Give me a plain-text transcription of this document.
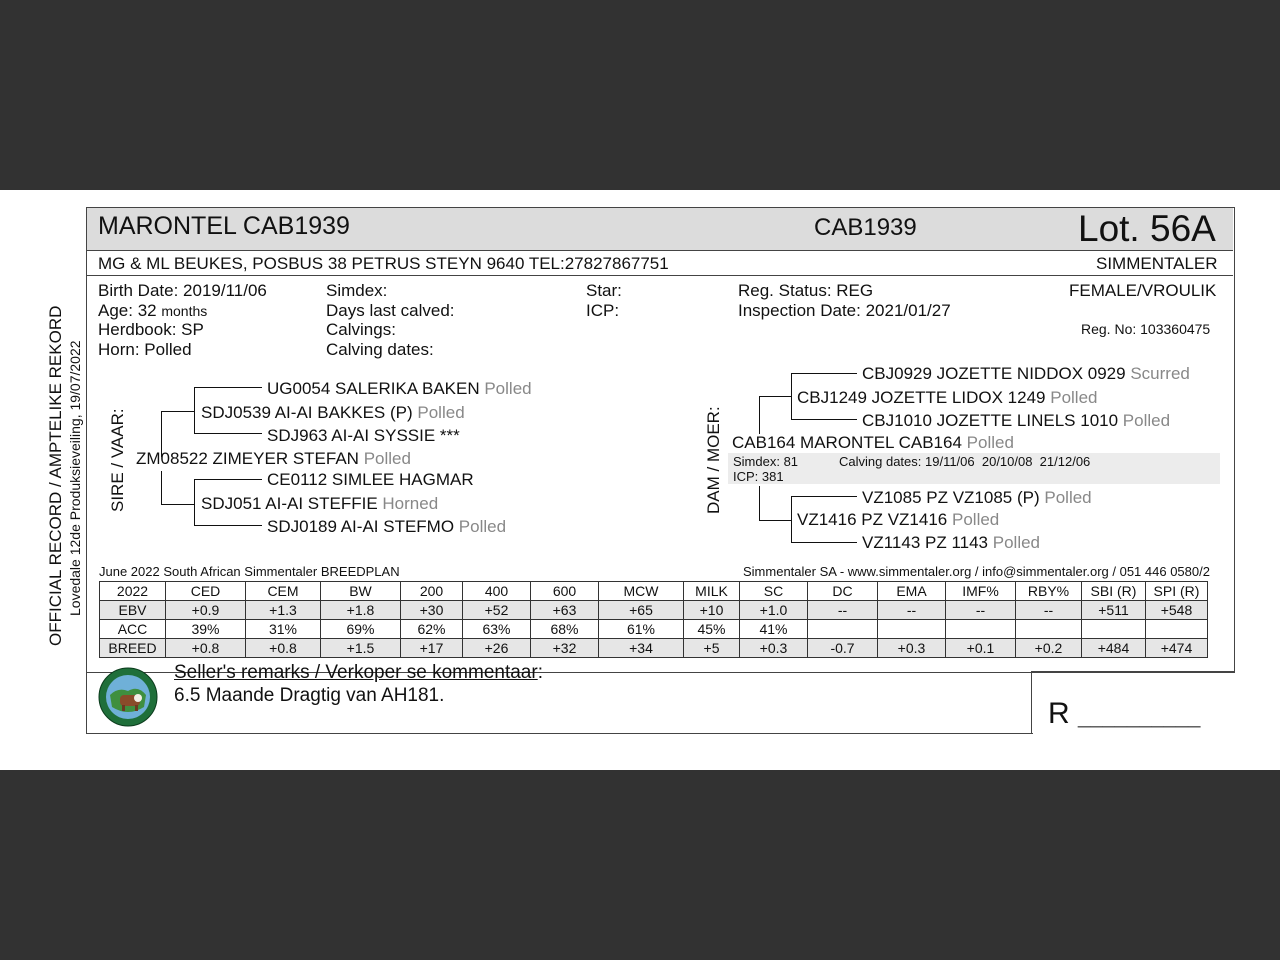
MARONTEL CAB1939	CAB1939	Lot. 56A
MG & ML BEUKES, POSBUS 38 PETRUS STEYN 9640 TEL:27827867751	SIMMENTALER
OFFICIAL RECORD / AMPTELIKE REKORD Lovedale 12de Produksieveiling, 19/07/2022
Birth Date: 2019/11/06
Age: 32 months
Herdbook: SP
Horn: Polled
Simdex:
Days last calved:
Calvings:
Calving dates:
Star:
ICP:
Reg. Status: REG
Inspection Date: 2021/01/27
FEMALE/VROULIK
Reg. No: 103360475
SIRE / VAAR:
UG0054 SALERIKA BAKEN Polled
SDJ0539 AI-AI BAKKES (P) Polled
SDJ963 AI-AI SYSSIE ***
ZM08522 ZIMEYER STEFAN Polled
CE0112 SIMLEE HAGMAR
SDJ051 AI-AI STEFFIE Horned
SDJ0189 AI-AI STEFMO Polled
DAM / MOER:
CBJ0929 JOZETTE NIDDOX 0929 Scurred
CBJ1249 JOZETTE LIDOX 1249 Polled
CBJ1010 JOZETTE LINELS 1010 Polled
CAB164 MARONTEL CAB164 Polled
Simdex: 81
ICP: 381
Calving dates: 19/11/06  20/10/08  21/12/06
VZ1085 PZ VZ1085 (P) Polled
VZ1416 PZ VZ1416 Polled
VZ1143 PZ 1143 Polled
June 2022 South African Simmentaler BREEDPLAN	Simmentaler SA - www.simmentaler.org / info@simmentaler.org / 051 446 0580/2
2022	CED	CEM	BW	200	400	600	MCW	MILK	SC	DC	EMA	IMF%	RBY%	SBI (R)	SPI (R)
EBV	+0.9	+1.3	+1.8	+30	+52	+63	+65	+10	+1.0	--	--	--	--	+511	+548
ACC	39%	31%	69%	62%	63%	68%	61%	45%	41%						
BREED	+0.8	+0.8	+1.5	+17	+26	+32	+34	+5	+0.3	-0.7	+0.3	+0.1	+0.2	+484	+474
Seller's remarks / Verkoper se kommentaar:
6.5 Maande Dragtig van AH181.
R __________
